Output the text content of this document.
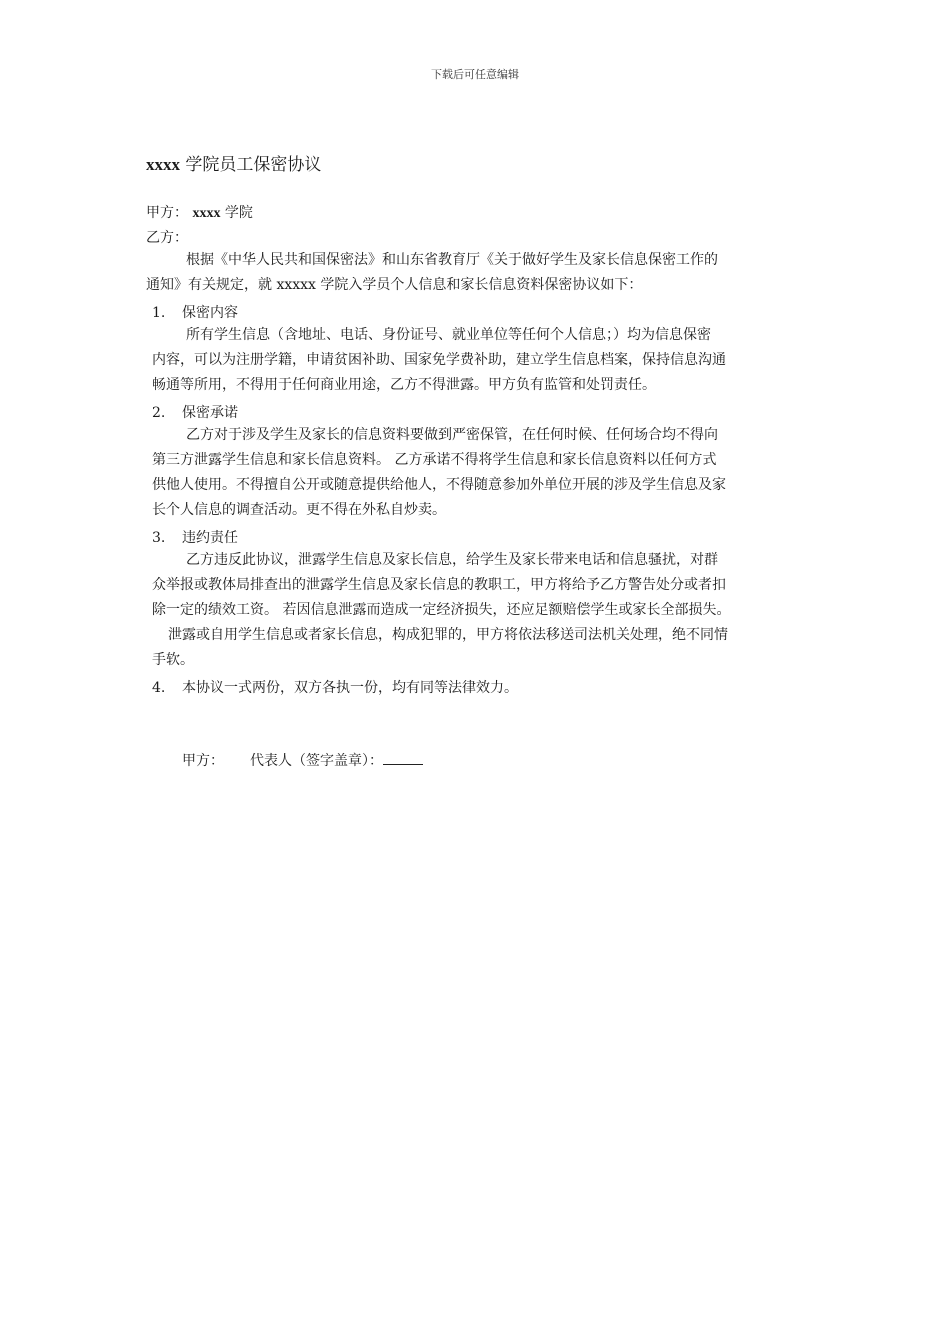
下载后可任意编辑
xxxx 学院员工保密协议
甲方： xxxx 学院
乙方：
根据《中华人民共和国保密法》和山东省教育厅《关于做好学生及家长信息保密工作的
通知》有关规定，就 xxxxx 学院入学员个人信息和家长信息资料保密协议如下：
1. 保密内容
所有学生信息（含地址、电话、身份证号、就业单位等任何个人信息；）均为信息保密
内容，可以为注册学籍，申请贫困补助、国家免学费补助，建立学生信息档案，保持信息沟通
畅通等所用，不得用于任何商业用途，乙方不得泄露。甲方负有监管和处罚责任。
2. 保密承诺
乙方对于涉及学生及家长的信息资料要做到严密保管，在任何时候、任何场合均不得向
第三方泄露学生信息和家长信息资料。 乙方承诺不得将学生信息和家长信息资料以任何方式
供他人使用。不得擅自公开或随意提供给他人，不得随意参加外单位开展的涉及学生信息及家
长个人信息的调查活动。更不得在外私自炒卖。
3. 违约责任
乙方违反此协议，泄露学生信息及家长信息，给学生及家长带来电话和信息骚扰，对群
众举报或教体局排查出的泄露学生信息及家长信息的教职工，甲方将给予乙方警告处分或者扣
除一定的绩效工资。 若因信息泄露而造成一定经济损失，还应足额赔偿学生或家长全部损失。
泄露或自用学生信息或者家长信息，构成犯罪的，甲方将依法移送司法机关处理，绝不同情
手软。
4. 本协议一式两份，双方各执一份，均有同等法律效力。
甲方： 代表人（签字盖章）：
